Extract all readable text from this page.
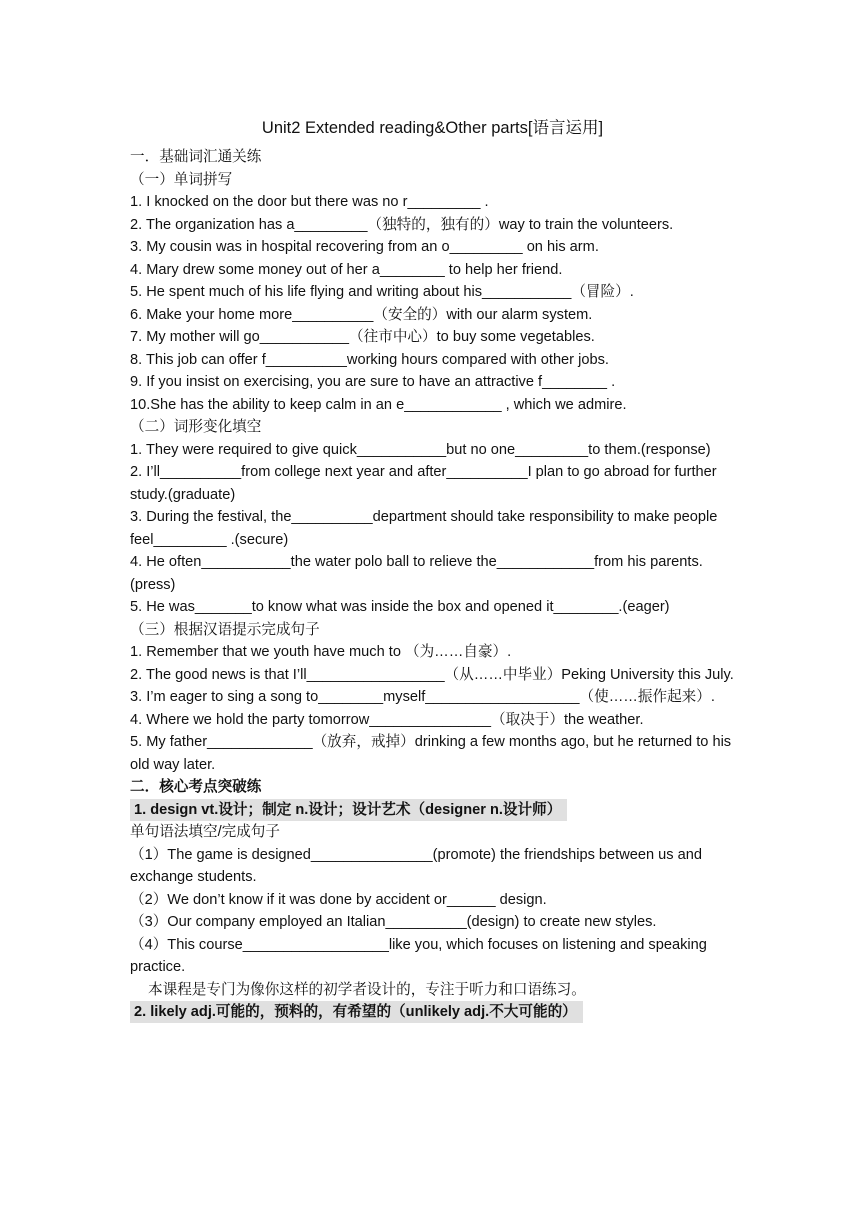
Unit2 Extended reading&Other parts[语言运用]
一．基础词汇通关练
（一）单词拼写
1. I knocked on the door but there was no r_________ .
2. The organization has a_________（独特的，独有的）way to train the volunteers.
3. My cousin was in hospital recovering from an o_________ on his arm.
4. Mary drew some money out of her a________ to help her friend.
5. He spent much of his life flying and writing about his___________（冒险）.
6. Make your home more__________（安全的）with our alarm system.
7. My mother will go___________（往市中心）to buy some vegetables.
8. This job can offer f__________working hours compared with other jobs.
9. If you insist on exercising, you are sure to have an attractive f________ .
10.She has the ability to keep calm in an e____________ , which we admire.
（二）词形变化填空
1. They were required to give quick___________but no one_________to them.(response)
2. I’ll__________from college next year and after__________I plan to go abroad for further study.(graduate)
3. During the festival, the__________department should take responsibility to make people feel_________ .(secure)
4. He often___________the water polo ball to relieve the____________from his parents.(press)
5. He was_______to know what was inside the box and opened it________.(eager)
（三）根据汉语提示完成句子
1. Remember that we youth have much to （为……自豪）.
2. The good news is that I’ll_________________（从……中毕业）Peking University this July.
3. I’m eager to sing a song to________myself___________________（使……振作起来）.
4. Where we hold the party tomorrow_______________（取决于）the weather.
5. My father_____________（放弃，戒掉）drinking a few months ago, but he returned to his old way later.
二．核心考点突破练
1. design vt.设计；制定 n.设计；设计艺术（designer n.设计师）
单句语法填空/完成句子
（1）The game is designed_______________(promote) the friendships between us and exchange students.
（2）We don’t know if it was done by accident or______ design.
（3）Our company employed an Italian__________(design) to create new styles.
（4）This course__________________like you, which focuses on listening and speaking practice.
本课程是专门为像你这样的初学者设计的，专注于听力和口语练习。
2. likely adj.可能的，预料的，有希望的（unlikely adj.不大可能的）
